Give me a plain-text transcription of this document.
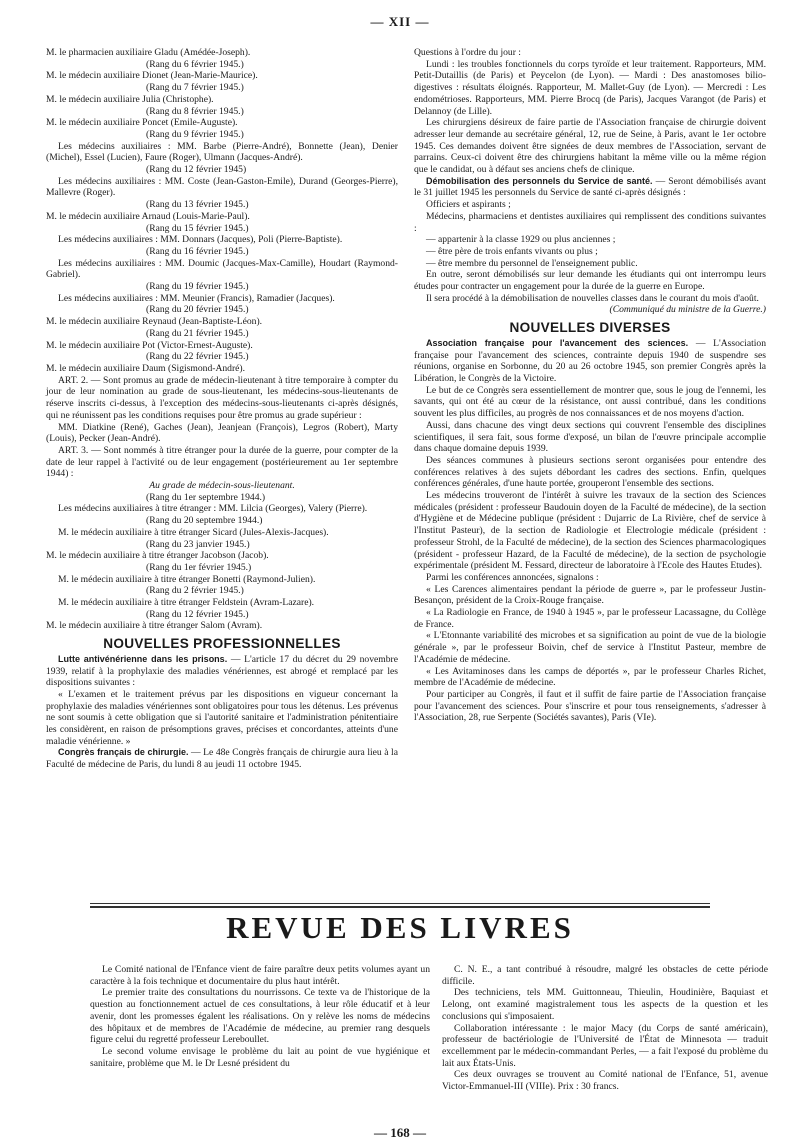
— XII —

M. le pharmacien auxiliaire Gladu (Amédée-Joseph).

(Rang du 6 février 1945.)

M. le médecin auxiliaire Dionet (Jean-Marie-Maurice).

(Rang du 7 février 1945.)

M. le médecin auxiliaire Julia (Christophe).

(Rang du 8 février 1945.)

M. le médecin auxiliaire Poncet (Emile-Auguste).

(Rang du 9 février 1945.)

Les médecins auxiliaires : MM. Barbe (Pierre-André), Bonnette (Jean), Denier (Michel), Essel (Lucien), Faure (Roger), Ulmann (Jacques-André).

(Rang du 12 février 1945)

Les médecins auxiliaires : MM. Coste (Jean-Gaston-Emile), Durand (Georges-Pierre), Mallevre (Roger).

(Rang du 13 février 1945.)

M. le médecin auxiliaire Arnaud (Louis-Marie-Paul).

(Rang du 15 février 1945.)

Les médecins auxiliaires : MM. Donnars (Jacques), Poli (Pierre-Baptiste).

(Rang du 16 février 1945.)

Les médecins auxiliaires : MM. Doumic (Jacques-Max-Camille), Houdart (Raymond-Gabriel).

(Rang du 19 février 1945.)

Les médecins auxiliaires : MM. Meunier (Francis), Ramadier (Jacques).

(Rang du 20 février 1945.)

M. le médecin auxiliaire Reynaud (Jean-Baptiste-Léon).

(Rang du 21 février 1945.)

M. le médecin auxiliaire Pot (Victor-Ernest-Auguste).

(Rang du 22 février 1945.)

M. le médecin auxiliaire Daum (Sigismond-André).

ART. 2. — Sont promus au grade de médecin-lieutenant à titre temporaire à compter du jour de leur nomination au grade de sous-lieutenant, les médecins-sous-lieutenants de réserve inscrits ci-dessus, à l'exception des médecins-sous-lieutenants ci-après désignés, qui ne réunissent pas les conditions requises pour être promus au grade supérieur :

MM. Diatkine (René), Gaches (Jean), Jeanjean (François), Legros (Robert), Marty (Louis), Pecker (Jean-André).

ART. 3. — Sont nommés à titre étranger pour la durée de la guerre, pour compter de la date de leur rappel à l'activité ou de leur engagement (postérieurement au 1er septembre 1944) :

Au grade de médecin-sous-lieutenant.

(Rang du 1er septembre 1944.)

Les médecins auxiliaires à titre étranger : MM. Lilcia (Georges), Valery (Pierre).

(Rang du 20 septembre 1944.)

M. le médecin auxiliaire à titre étranger Sicard (Jules-Alexis-Jacques).

(Rang du 23 janvier 1945.)

M. le médecin auxiliaire à titre étranger Jacobson (Jacob).

(Rang du 1er février 1945.)

M. le médecin auxiliaire à titre étranger Bonetti (Raymond-Julien).

(Rang du 2 février 1945.)

M. le médecin auxiliaire à titre étranger Feldstein (Avram-Lazare).

(Rang du 12 février 1945.)

M. le médecin auxiliaire à titre étranger Salom (Avram).

NOUVELLES PROFESSIONNELLES

Lutte antivénérienne dans les prisons. — L'article 17 du décret du 29 novembre 1939, relatif à la prophylaxie des maladies vénériennes, est abrogé et remplacé par les dispositions suivantes :

« L'examen et le traitement prévus par les dispositions en vigueur concernant la prophylaxie des maladies vénériennes sont obligatoires pour tous les détenus. Les prévenus ne sont soumis à cette obligation que si l'autorité sanitaire et l'administration pénitentiaire les considèrent, en raison de présomptions graves, précises et concordantes, atteints d'une maladie vénérienne. »

Congrès français de chirurgie. — Le 48e Congrès français de chirurgie aura lieu à la Faculté de médecine de Paris, du lundi 8 au jeudi 11 octobre 1945.

Questions à l'ordre du jour :

Lundi : les troubles fonctionnels du corps tyroïde et leur traitement. Rapporteurs, MM. Petit-Dutaillis (de Paris) et Peycelon (de Lyon). — Mardi : Des anastomoses bilio-digestives : résultats éloignés. Rapporteur, M. Mallet-Guy (de Lyon). — Mercredi : Les endométrioses. Rapporteurs, MM. Pierre Brocq (de Paris), Jacques Varangot (de Paris) et Delannoy (de Lille).

Les chirurgiens désireux de faire partie de l'Association française de chirurgie doivent adresser leur demande au secrétaire général, 12, rue de Seine, à Paris, avant le 1er octobre 1945. Ces demandes doivent être signées de deux membres de l'Association, servant de parrains. Ceux-ci doivent être des chirurgiens habitant la même ville ou la même région que le candidat, ou à défaut ses anciens chefs de clinique.

Démobilisation des personnels du Service de santé. — Seront démobilisés avant le 31 juillet 1945 les personnels du Service de santé ci-après désignés :

Officiers et aspirants ;

Médecins, pharmaciens et dentistes auxiliaires qui remplissent des conditions suivantes :

— appartenir à la classe 1929 ou plus anciennes ;

— être père de trois enfants vivants ou plus ;

— être membre du personnel de l'enseignement public.

En outre, seront démobilisés sur leur demande les étudiants qui ont interrompu leurs études pour contracter un engagement pour la durée de la guerre en Europe.

Il sera procédé à la démobilisation de nouvelles classes dans le courant du mois d'août.

(Communiqué du ministre de la Guerre.)

NOUVELLES DIVERSES

Association française pour l'avancement des sciences. — L'Association française pour l'avancement des sciences, contrainte depuis 1940 de suspendre ses réunions, organise en Sorbonne, du 20 au 26 octobre 1945, son premier Congrès après la Libération, le Congrès de la Victoire.

Le but de ce Congrès sera essentiellement de montrer que, sous le joug de l'ennemi, les savants, qui ont été au cœur de la résistance, ont aussi contribué, dans les conditions souvent les plus difficiles, au progrès de nos connaissances et de nos moyens d'action.

Aussi, dans chacune des vingt deux sections qui couvrent l'ensemble des disciplines scientifiques, il sera fait, sous forme d'exposé, un bilan de l'œuvre principale accomplie dans chaque domaine depuis 1939.

Des séances communes à plusieurs sections seront organisées pour entendre des conférences relatives à des sujets débordant les cadres des sections. Enfin, quelques conférences générales, d'une haute portée, grouperont l'ensemble des sections.

Les médecins trouveront de l'intérêt à suivre les travaux de la section des Sciences médicales (président : professeur Baudouin doyen de la Faculté de médecine), de la section d'Hygiène et de Médecine publique (président : Dujarric de La Rivière, chef de service à l'Institut Pasteur), de la section de Radiologie et Electrologie médicale (président : professeur Strohl, de la Faculté de médecine), de la section des Sciences pharmacologiques (président - professeur Hazard, de la Faculté de médecine), de la section de psychologie expérimentale (président M. Fessard, directeur de laboratoire à l'Ecole des Hautes Etudes).

Parmi les conférences annoncées, signalons :

« Les Carences alimentaires pendant la période de guerre », par le professeur Justin-Besançon, président de la Croix-Rouge française.

« La Radiologie en France, de 1940 à 1945 », par le professeur Lacassagne, du Collège de France.

« L'Etonnante variabilité des microbes et sa signification au point de vue de la biologie générale », par le professeur Boivin, chef de service à l'Institut Pasteur, membre de l'Académie de médecine.

« Les Avitaminoses dans les camps de déportés », par le professeur Charles Richet, membre de l'Académie de médecine.

Pour participer au Congrès, il faut et il suffit de faire partie de l'Association française pour l'avancement des sciences. Pour s'inscrire et pour tous renseignements, s'adresser à l'Association, 28, rue Serpente (Sociétés savantes), Paris (VIe).

REVUE DES LIVRES

Le Comité national de l'Enfance vient de faire paraître deux petits volumes ayant un caractère à la fois technique et documentaire du plus haut intérêt.

Le premier traite des consultations du nourrissons. Ce texte va de l'historique de la question au fonctionnement actuel de ces consultations, à leur rôle éducatif et à leur avenir, dont les promesses égalent les réalisations. On y relève les noms de médecins des hôpitaux et de membres de l'Académie de médecine, au premier rang desquels figure celui du regretté professeur Lereboullet.

Le second volume envisage le problème du lait au point de vue hygiénique et sanitaire, problème que M. le Dr Lesné président du

C. N. E., a tant contribué à résoudre, malgré les obstacles de cette période difficile.

Des techniciens, tels MM. Guittonneau, Thieulin, Houdinière, Baquiast et Lelong, ont examiné magistralement tous les aspects de la question et les conclusions qui s'imposaient.

Collaboration intéressante : le major Macy (du Corps de santé américain), professeur de bactériologie de l'Université de l'État de Minnesota — traduit excellemment par le médecin-commandant Perles, — a fait l'exposé du problème du lait aux États-Unis.

Ces deux ouvrages se trouvent au Comité national de l'Enfance, 51, avenue Victor-Emmanuel-III (VIIIe). Prix : 30 francs.

— 168 —
